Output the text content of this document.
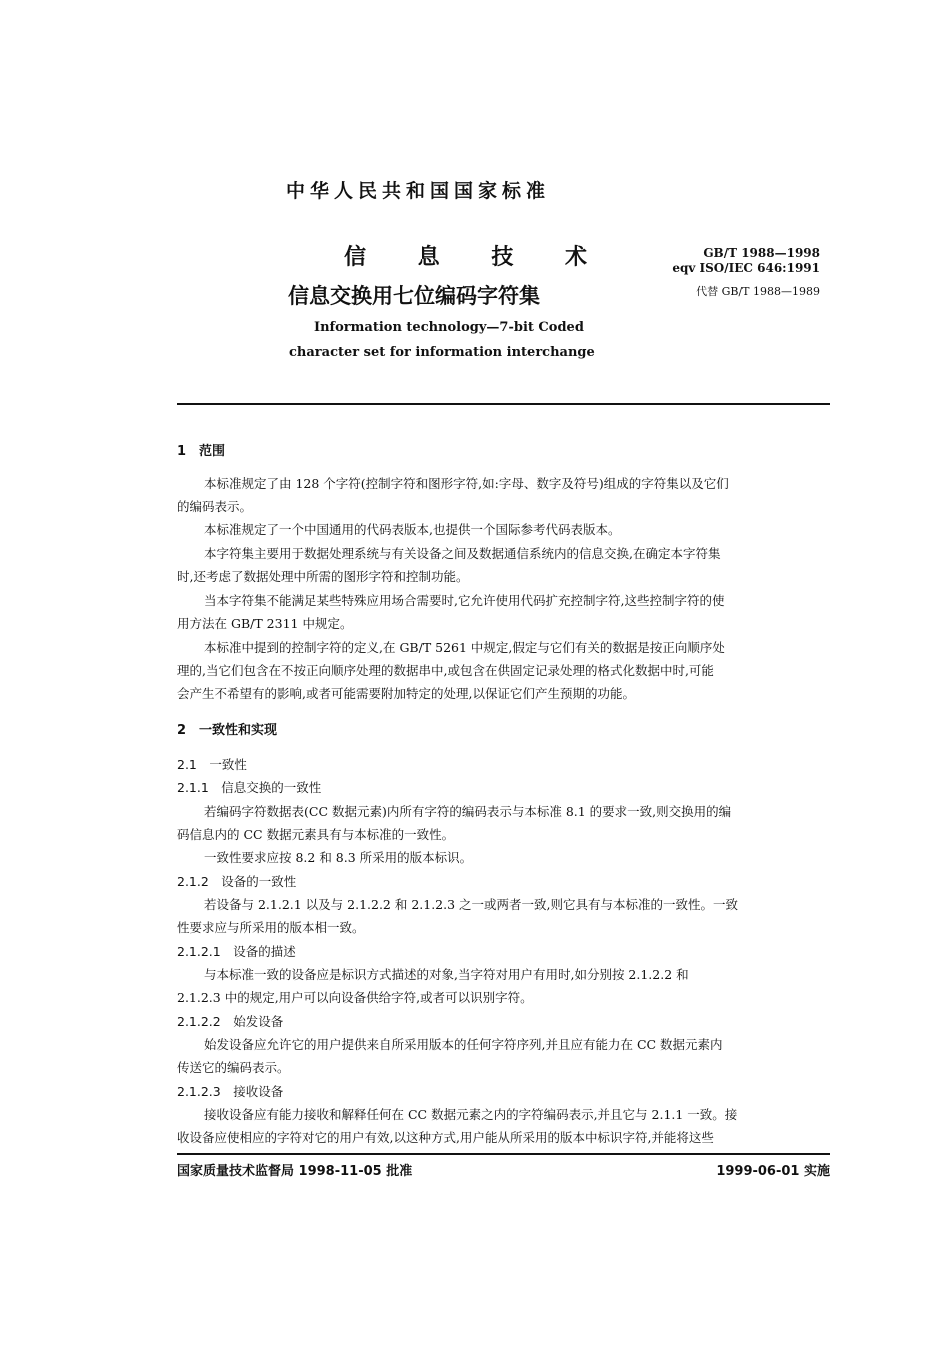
中华人民共和国国家标准
信 息 技 术
信息交换用七位编码字符集
Information technology—7-bit Coded
character set for information interchange
GB/T 1988—1998
eqv ISO/IEC 646:1991
代替 GB/T 1988—1989
1　范围
本标准规定了由 128 个字符(控制字符和图形字符,如:字母、数字及符号)组成的字符集以及它们
的编码表示。
本标准规定了一个中国通用的代码表版本,也提供一个国际参考代码表版本。
本字符集主要用于数据处理系统与有关设备之间及数据通信系统内的信息交换,在确定本字符集
时,还考虑了数据处理中所需的图形字符和控制功能。
当本字符集不能满足某些特殊应用场合需要时,它允许使用代码扩充控制字符,这些控制字符的使
用方法在 GB/T 2311 中规定。
本标准中提到的控制字符的定义,在 GB/T 5261 中规定,假定与它们有关的数据是按正向顺序处
理的,当它们包含在不按正向顺序处理的数据串中,或包含在供固定记录处理的格式化数据中时,可能
会产生不希望有的影响,或者可能需要附加特定的处理,以保证它们产生预期的功能。
2　一致性和实现
2.1　一致性
2.1.1　信息交换的一致性
若编码字符数据表(CC 数据元素)内所有字符的编码表示与本标准 8.1 的要求一致,则交换用的编
码信息内的 CC 数据元素具有与本标准的一致性。
一致性要求应按 8.2 和 8.3 所采用的版本标识。
2.1.2　设备的一致性
若设备与 2.1.2.1 以及与 2.1.2.2 和 2.1.2.3 之一或两者一致,则它具有与本标准的一致性。一致
性要求应与所采用的版本相一致。
2.1.2.1　设备的描述
与本标准一致的设备应是标识方式描述的对象,当字符对用户有用时,如分别按 2.1.2.2 和
2.1.2.3 中的规定,用户可以向设备供给字符,或者可以识别字符。
2.1.2.2　始发设备
始发设备应允许它的用户提供来自所采用版本的任何字符序列,并且应有能力在 CC 数据元素内
传送它的编码表示。
2.1.2.3　接收设备
接收设备应有能力接收和解释任何在 CC 数据元素之内的字符编码表示,并且它与 2.1.1 一致。接
收设备应使相应的字符对它的用户有效,以这种方式,用户能从所采用的版本中标识字符,并能将这些
国家质量技术监督局 1998-11-05 批准	1999-06-01 实施
